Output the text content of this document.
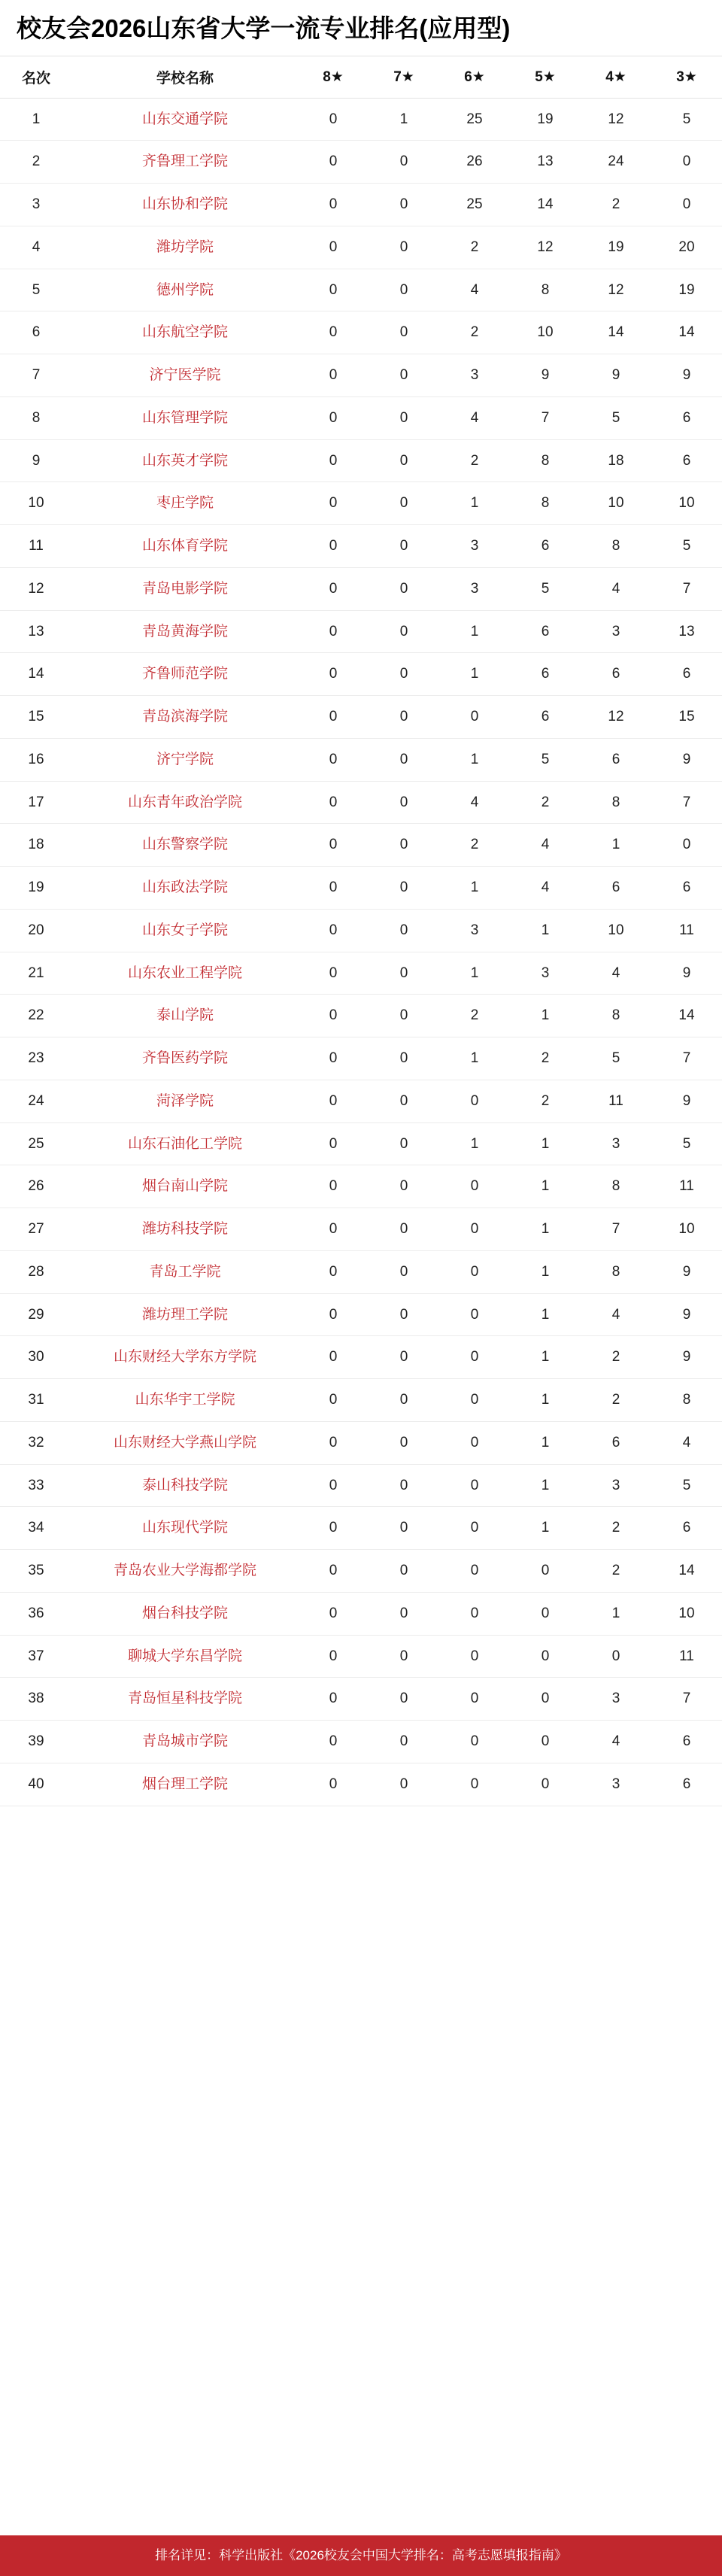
校友会2026山东省大学一流专业排名(应用型)
名次	学校名称	8★	7★	6★	5★	4★	3★
1	山东交通学院	0	1	25	19	12	5
2	齐鲁理工学院	0	0	26	13	24	0
3	山东协和学院	0	0	25	14	2	0
4	潍坊学院	0	0	2	12	19	20
5	德州学院	0	0	4	8	12	19
6	山东航空学院	0	0	2	10	14	14
7	济宁医学院	0	0	3	9	9	9
8	山东管理学院	0	0	4	7	5	6
9	山东英才学院	0	0	2	8	18	6
10	枣庄学院	0	0	1	8	10	10
11	山东体育学院	0	0	3	6	8	5
12	青岛电影学院	0	0	3	5	4	7
13	青岛黄海学院	0	0	1	6	3	13
14	齐鲁师范学院	0	0	1	6	6	6
15	青岛滨海学院	0	0	0	6	12	15
16	济宁学院	0	0	1	5	6	9
17	山东青年政治学院	0	0	4	2	8	7
18	山东警察学院	0	0	2	4	1	0
19	山东政法学院	0	0	1	4	6	6
20	山东女子学院	0	0	3	1	10	11
21	山东农业工程学院	0	0	1	3	4	9
22	泰山学院	0	0	2	1	8	14
23	齐鲁医药学院	0	0	1	2	5	7
24	菏泽学院	0	0	0	2	11	9
25	山东石油化工学院	0	0	1	1	3	5
26	烟台南山学院	0	0	0	1	8	11
27	潍坊科技学院	0	0	0	1	7	10
28	青岛工学院	0	0	0	1	8	9
29	潍坊理工学院	0	0	0	1	4	9
30	山东财经大学东方学院	0	0	0	1	2	9
31	山东华宇工学院	0	0	0	1	2	8
32	山东财经大学燕山学院	0	0	0	1	6	4
33	泰山科技学院	0	0	0	1	3	5
34	山东现代学院	0	0	0	1	2	6
35	青岛农业大学海都学院	0	0	0	0	2	14
36	烟台科技学院	0	0	0	0	1	10
37	聊城大学东昌学院	0	0	0	0	0	11
38	青岛恒星科技学院	0	0	0	0	3	7
39	青岛城市学院	0	0	0	0	4	6
40	烟台理工学院	0	0	0	0	3	6
排名详见：科学出版社《2026校友会中国大学排名：高考志愿填报指南》
